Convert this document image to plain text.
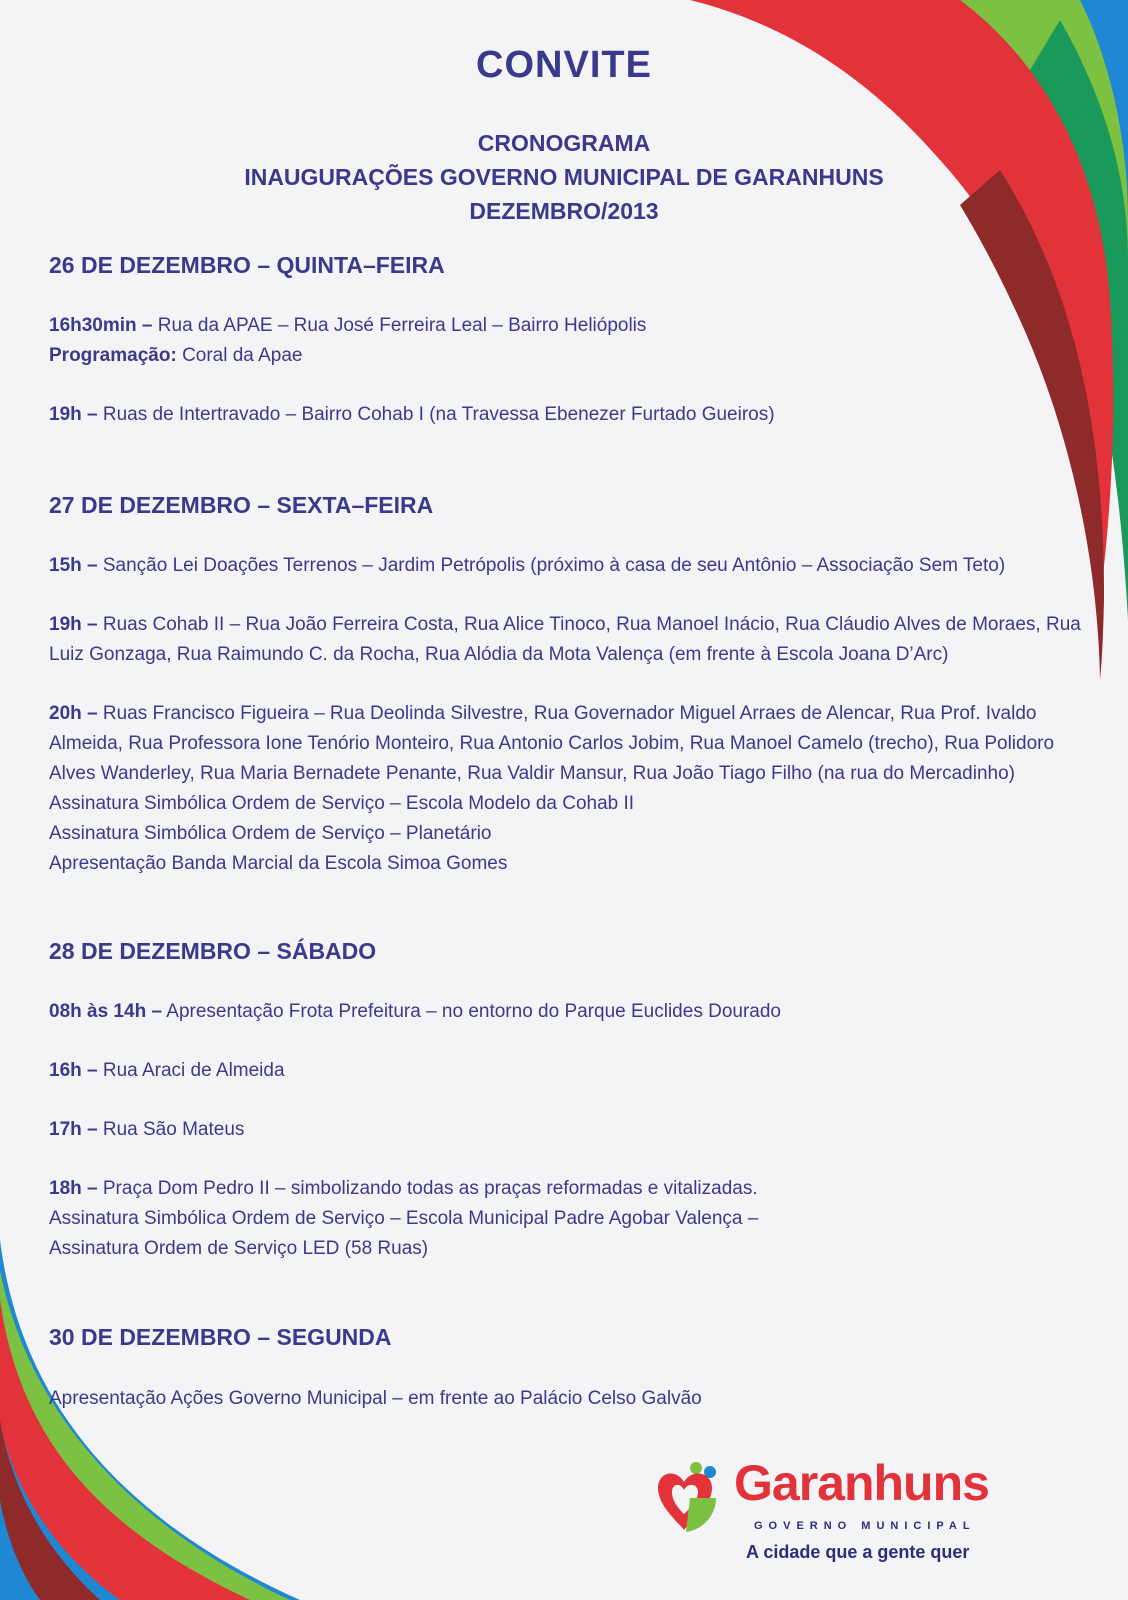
CONVITE
CRONOGRAMA
INAUGURAÇÕES GOVERNO MUNICIPAL DE GARANHUNS
DEZEMBRO/2013
26 DE DEZEMBRO – QUINTA–FEIRA
16h30min – Rua da APAE – Rua José Ferreira Leal – Bairro Heliópolis
Programação: Coral da Apae
19h – Ruas de Intertravado – Bairro Cohab I (na Travessa Ebenezer Furtado Gueiros)
27 DE DEZEMBRO – SEXTA–FEIRA
15h – Sanção Lei Doações Terrenos – Jardim Petrópolis (próximo à casa de seu Antônio – Associação Sem Teto)
19h – Ruas Cohab II – Rua João Ferreira Costa, Rua Alice Tinoco, Rua Manoel Inácio, Rua Cláudio Alves de Moraes, Rua
Luiz Gonzaga, Rua Raimundo C. da Rocha, Rua Alódia da Mota Valença (em frente à Escola Joana D’Arc)
20h – Ruas Francisco Figueira – Rua Deolinda Silvestre, Rua Governador Miguel Arraes de Alencar, Rua Prof. Ivaldo
Almeida, Rua Professora Ione Tenório Monteiro, Rua Antonio Carlos Jobim, Rua Manoel Camelo (trecho), Rua Polidoro
Alves Wanderley, Rua Maria Bernadete Penante, Rua Valdir Mansur, Rua João Tiago Filho (na rua do Mercadinho)
Assinatura Simbólica Ordem de Serviço – Escola Modelo da Cohab II
Assinatura Simbólica Ordem de Serviço – Planetário
Apresentação Banda Marcial da Escola Simoa Gomes
28 DE DEZEMBRO – SÁBADO
08h às 14h – Apresentação Frota Prefeitura – no entorno do Parque Euclides Dourado
16h – Rua Araci de Almeida
17h – Rua São Mateus
18h – Praça Dom Pedro II – simbolizando todas as praças reformadas e vitalizadas.
Assinatura Simbólica Ordem de Serviço – Escola Municipal Padre Agobar Valença –
Assinatura Ordem de Serviço LED (58 Ruas)
30 DE DEZEMBRO – SEGUNDA
Apresentação Ações Governo Municipal – em frente ao Palácio Celso Galvão
Garanhuns
GOVERNO MUNICIPAL
A cidade que a gente quer
